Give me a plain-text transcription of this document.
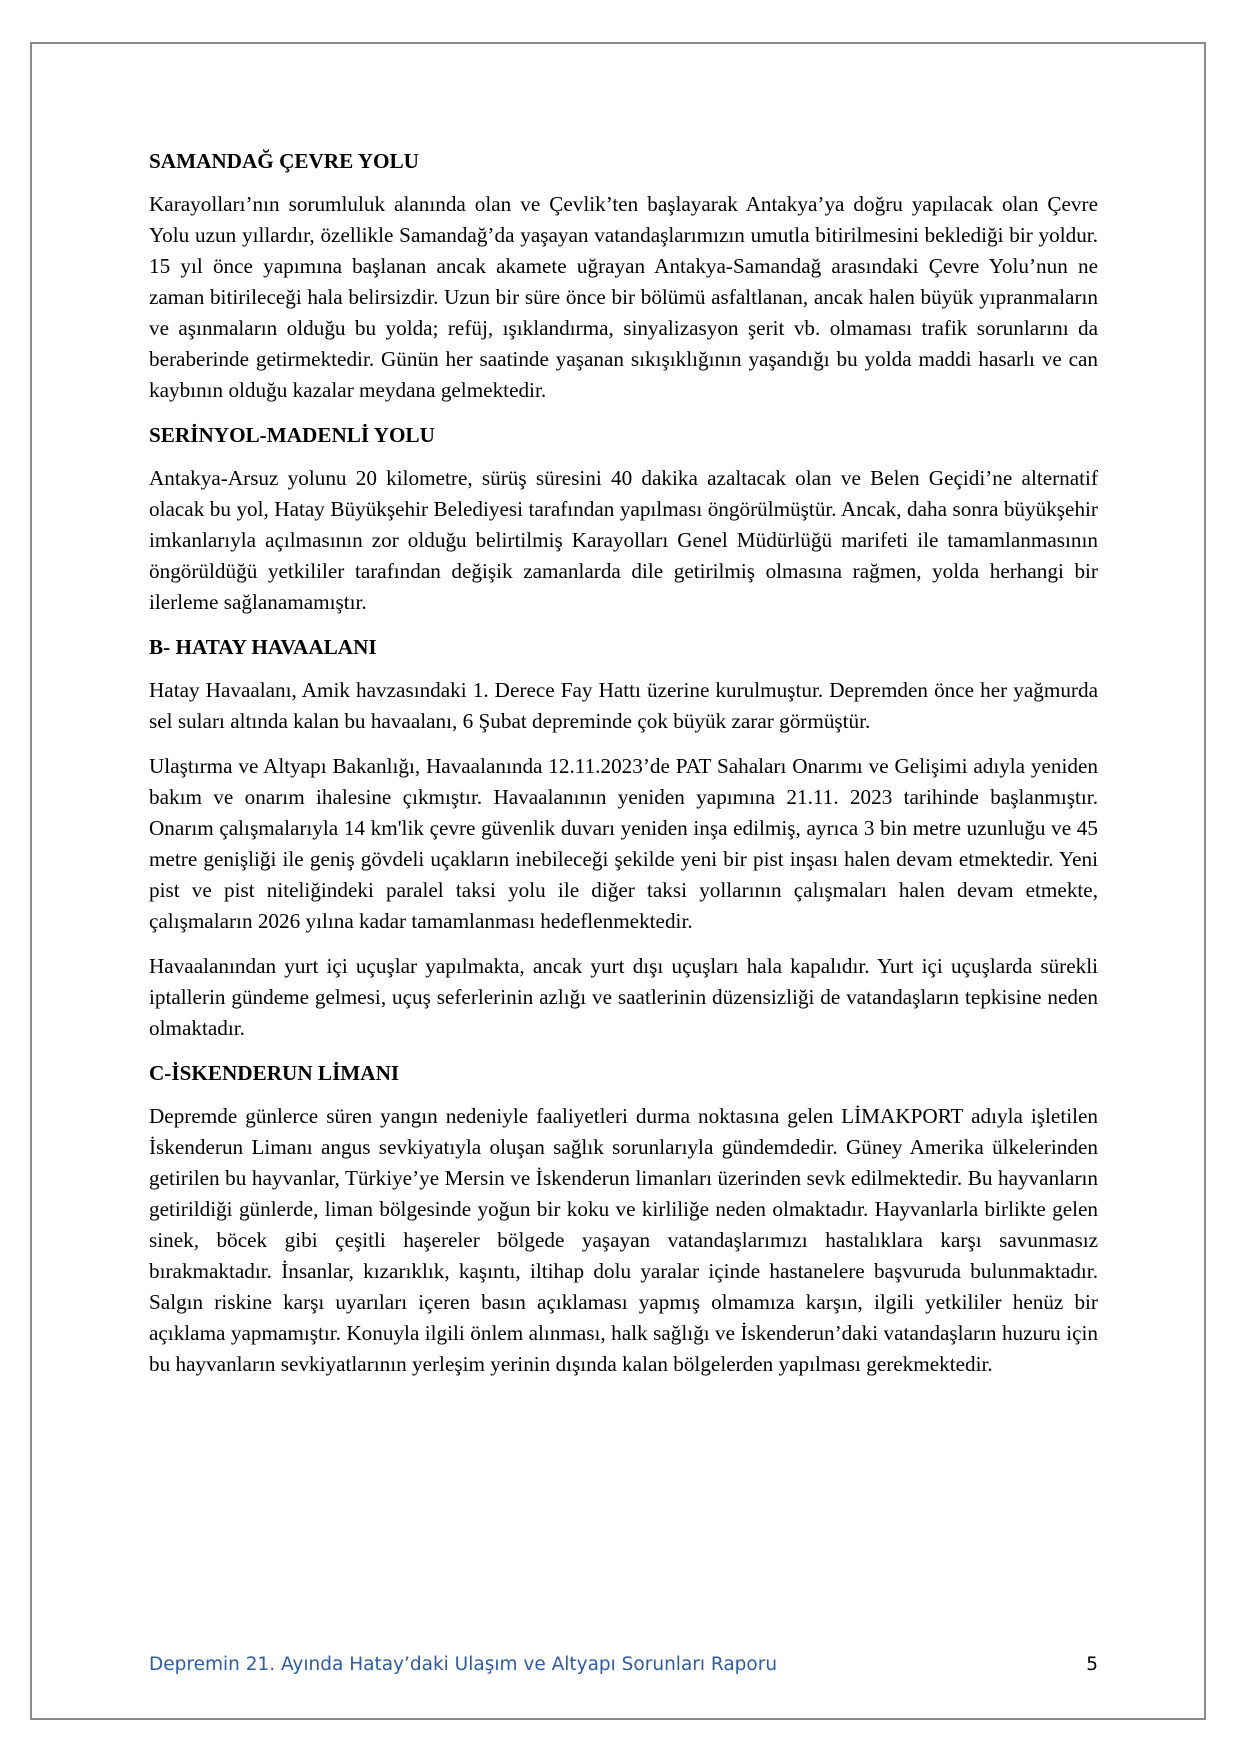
SAMANDAĞ ÇEVRE YOLU

Karayolları’nın sorumluluk alanında olan ve Çevlik’ten başlayarak Antakya’ya doğru yapılacak olan Çevre Yolu uzun yıllardır, özellikle Samandağ’da yaşayan vatandaşlarımızın umutla bitirilmesini beklediği bir yoldur. 15 yıl önce yapımına başlanan ancak akamete uğrayan Antakya-Samandağ arasındaki Çevre Yolu’nun ne zaman bitirileceği hala belirsizdir. Uzun bir süre önce bir bölümü asfaltlanan, ancak halen büyük yıpranmaların ve aşınmaların olduğu bu yolda; refüj, ışıklandırma, sinyalizasyon şerit vb. olmaması trafik sorunlarını da beraberinde getirmektedir. Günün her saatinde yaşanan sıkışıklığının yaşandığı bu yolda maddi hasarlı ve can kaybının olduğu kazalar meydana gelmektedir.

SERİNYOL-MADENLİ YOLU

Antakya-Arsuz yolunu 20 kilometre, sürüş süresini 40 dakika azaltacak olan ve Belen Geçidi’ne alternatif olacak bu yol, Hatay Büyükşehir Belediyesi tarafından yapılması öngörülmüştür. Ancak, daha sonra büyükşehir imkanlarıyla açılmasının zor olduğu belirtilmiş Karayolları Genel Müdürlüğü marifeti ile tamamlanmasının öngörüldüğü yetkililer tarafından değişik zamanlarda dile getirilmiş olmasına rağmen, yolda herhangi bir ilerleme sağlanamamıştır.

B- HATAY HAVAALANI

Hatay Havaalanı, Amik havzasındaki 1. Derece Fay Hattı üzerine kurulmuştur. Depremden önce her yağmurda sel suları altında kalan bu havaalanı, 6 Şubat depreminde çok büyük zarar görmüştür.

Ulaştırma ve Altyapı Bakanlığı, Havaalanında 12.11.2023’de PAT Sahaları Onarımı ve Gelişimi adıyla yeniden bakım ve onarım ihalesine çıkmıştır. Havaalanının yeniden yapımına 21.11. 2023 tarihinde başlanmıştır. Onarım çalışmalarıyla 14 km'lik çevre güvenlik duvarı yeniden inşa edilmiş, ayrıca 3 bin metre uzunluğu ve 45 metre genişliği ile geniş gövdeli uçakların inebileceği şekilde yeni bir pist inşası halen devam etmektedir. Yeni pist ve pist niteliğindeki paralel taksi yolu ile diğer taksi yollarının çalışmaları halen devam etmekte, çalışmaların 2026 yılına kadar tamamlanması hedeflenmektedir.

Havaalanından yurt içi uçuşlar yapılmakta, ancak yurt dışı uçuşları hala kapalıdır. Yurt içi uçuşlarda sürekli iptallerin gündeme gelmesi, uçuş seferlerinin azlığı ve saatlerinin düzensizliği de vatandaşların tepkisine neden olmaktadır.

C-İSKENDERUN LİMANI

Depremde günlerce süren yangın nedeniyle faaliyetleri durma noktasına gelen LİMAKPORT adıyla işletilen İskenderun Limanı angus sevkiyatıyla oluşan sağlık sorunlarıyla gündemdedir. Güney Amerika ülkelerinden getirilen bu hayvanlar, Türkiye’ye Mersin ve İskenderun limanları üzerinden sevk edilmektedir. Bu hayvanların getirildiği günlerde, liman bölgesinde yoğun bir koku ve kirliliğe neden olmaktadır. Hayvanlarla birlikte gelen sinek, böcek gibi çeşitli haşereler bölgede yaşayan vatandaşlarımızı hastalıklara karşı savunmasız bırakmaktadır. İnsanlar, kızarıklık, kaşıntı, iltihap dolu yaralar içinde hastanelere başvuruda bulunmaktadır. Salgın riskine karşı uyarıları içeren basın açıklaması yapmış olmamıza karşın, ilgili yetkililer henüz bir açıklama yapmamıştır. Konuyla ilgili önlem alınması, halk sağlığı ve İskenderun’daki vatandaşların huzuru için bu hayvanların sevkiyatlarının yerleşim yerinin dışında kalan bölgelerden yapılması gerekmektedir.

Depremin 21. Ayında Hatay’daki Ulaşım ve Altyapı Sorunları Raporu	5
